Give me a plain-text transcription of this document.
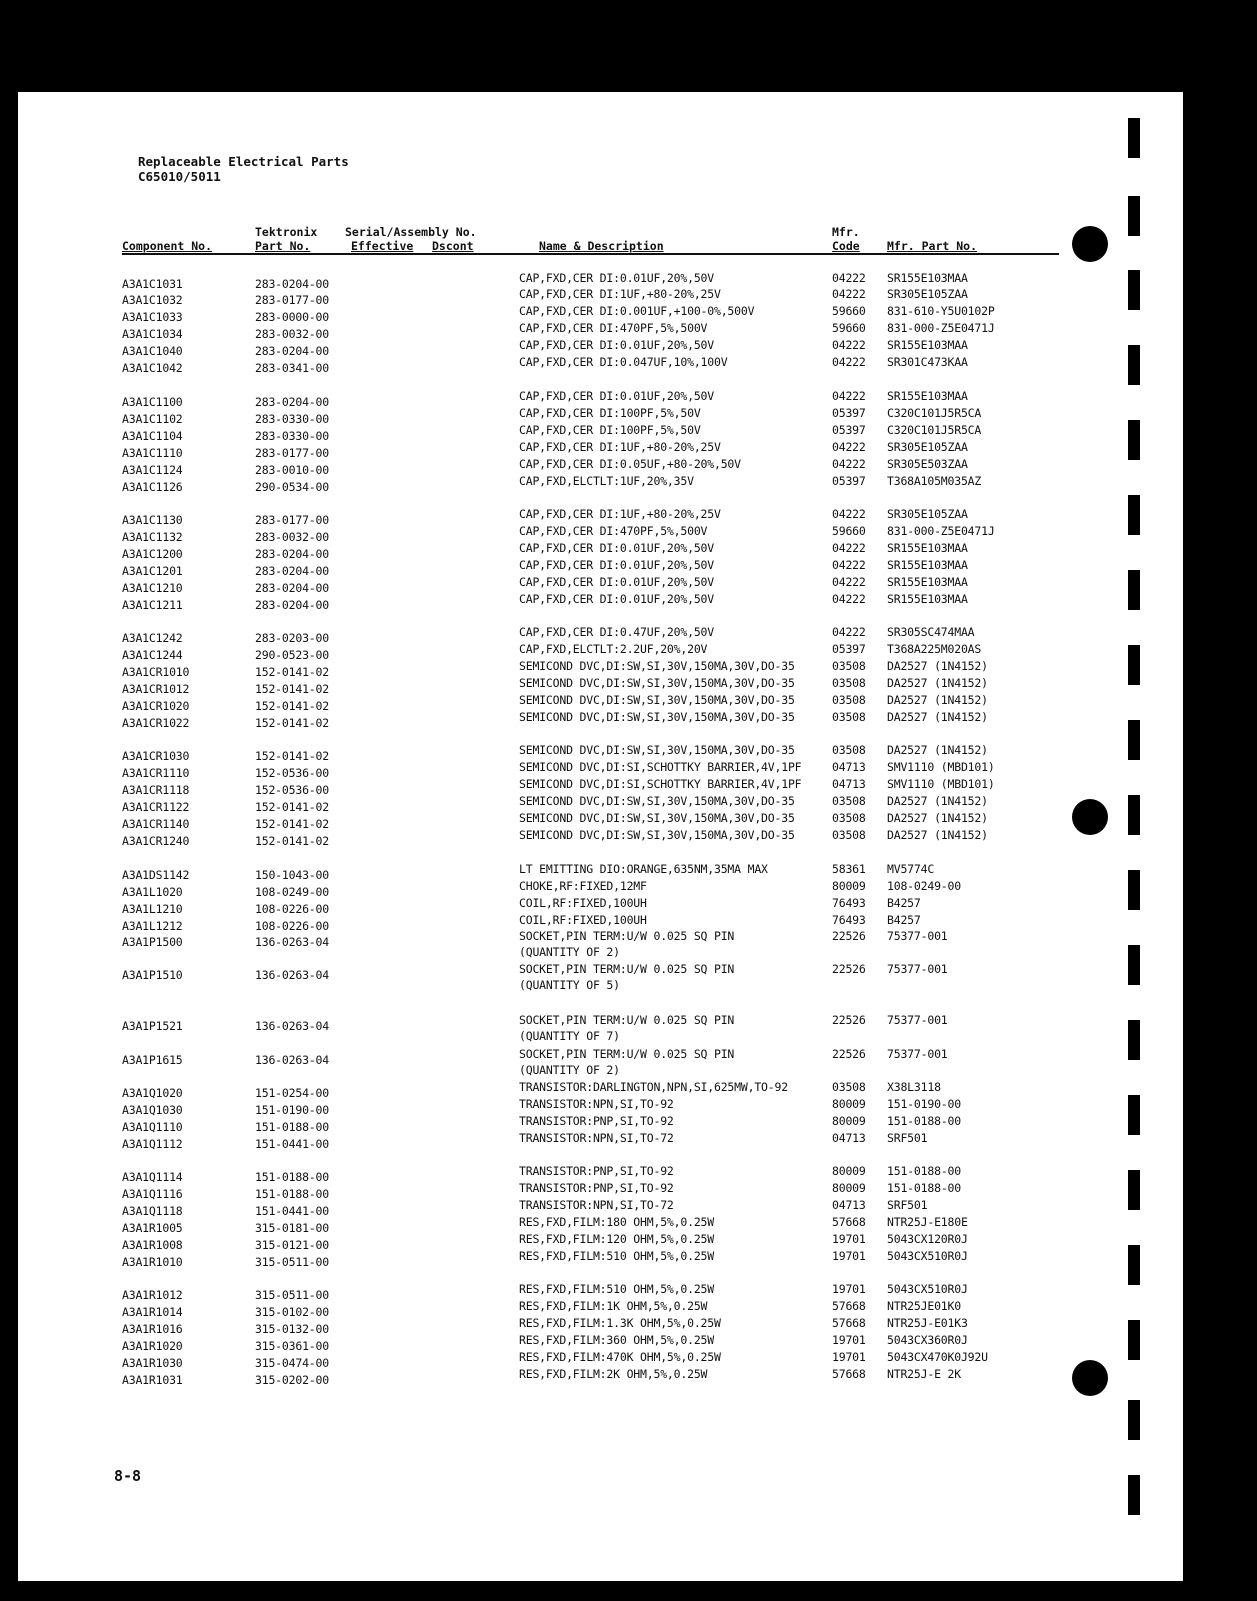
Replaceable Electrical Parts
C65010/5011
Component No.
Tektronix
Part No.
Serial/Assembly No.
Effective Dscont	Name & Description
Mfr.
Code Mfr. Part No.
A3A1C1031	283-0204-00	CAP,FXD,CER DI:0.01UF,20%,50V	04222 SR155E103MAA
A3A1C1032	283-0177-00	CAP,FXD,CER DI:1UF,+80-20%,25V	04222 SR305E105ZAA
A3A1C1033	283-0000-00	CAP,FXD,CER DI:0.001UF,+100-0%,500V	59660 831-610-Y5U0102P
A3A1C1034	283-0032-00	CAP,FXD,CER DI:470PF,5%,500V	59660 831-000-Z5E0471J
A3A1C1040	283-0204-00	CAP,FXD,CER DI:0.01UF,20%,50V	04222 SR155E103MAA
A3A1C1042	283-0341-00	CAP,FXD,CER DI:0.047UF,10%,100V	04222 SR301C473KAA
A3A1C1100	283-0204-00	CAP,FXD,CER DI:0.01UF,20%,50V	04222 SR155E103MAA
A3A1C1102	283-0330-00	CAP,FXD,CER DI:100PF,5%,50V	05397 C320C101J5R5CA
A3A1C1104	283-0330-00	CAP,FXD,CER DI:100PF,5%,50V	05397 C320C101J5R5CA
A3A1C1110	283-0177-00	CAP,FXD,CER DI:1UF,+80-20%,25V	04222 SR305E105ZAA
A3A1C1124	283-0010-00	CAP,FXD,CER DI:0.05UF,+80-20%,50V	04222 SR305E503ZAA
A3A1C1126	290-0534-00	CAP,FXD,ELCTLT:1UF,20%,35V	05397 T368A105M035AZ
A3A1C1130	283-0177-00	CAP,FXD,CER DI:1UF,+80-20%,25V	04222 SR305E105ZAA
A3A1C1132	283-0032-00	CAP,FXD,CER DI:470PF,5%,500V	59660 831-000-Z5E0471J
A3A1C1200	283-0204-00	CAP,FXD,CER DI:0.01UF,20%,50V	04222 SR155E103MAA
A3A1C1201	283-0204-00	CAP,FXD,CER DI:0.01UF,20%,50V	04222 SR155E103MAA
A3A1C1210	283-0204-00	CAP,FXD,CER DI:0.01UF,20%,50V	04222 SR155E103MAA
A3A1C1211	283-0204-00	CAP,FXD,CER DI:0.01UF,20%,50V	04222 SR155E103MAA
A3A1C1242	283-0203-00	CAP,FXD,CER DI:0.47UF,20%,50V	04222 SR305SC474MAA
A3A1C1244	290-0523-00	CAP,FXD,ELCTLT:2.2UF,20%,20V	05397 T368A225M020AS
A3A1CR1010	152-0141-02	SEMICOND DVC,DI:SW,SI,30V,150MA,30V,DO-35	03508 DA2527 (1N4152)
A3A1CR1012	152-0141-02	SEMICOND DVC,DI:SW,SI,30V,150MA,30V,DO-35	03508 DA2527 (1N4152)
A3A1CR1020	152-0141-02	SEMICOND DVC,DI:SW,SI,30V,150MA,30V,DO-35	03508 DA2527 (1N4152)
A3A1CR1022	152-0141-02	SEMICOND DVC,DI:SW,SI,30V,150MA,30V,DO-35	03508 DA2527 (1N4152)
A3A1CR1030	152-0141-02	SEMICOND DVC,DI:SW,SI,30V,150MA,30V,DO-35	03508 DA2527 (1N4152)
A3A1CR1110	152-0536-00	SEMICOND DVC,DI:SI,SCHOTTKY BARRIER,4V,1PF	04713 SMV1110 (MBD101)
A3A1CR1118	152-0536-00	SEMICOND DVC,DI:SI,SCHOTTKY BARRIER,4V,1PF	04713 SMV1110 (MBD101)
A3A1CR1122	152-0141-02	SEMICOND DVC,DI:SW,SI,30V,150MA,30V,DO-35	03508 DA2527 (1N4152)
A3A1CR1140	152-0141-02	SEMICOND DVC,DI:SW,SI,30V,150MA,30V,DO-35	03508 DA2527 (1N4152)
A3A1CR1240	152-0141-02	SEMICOND DVC,DI:SW,SI,30V,150MA,30V,DO-35	03508 DA2527 (1N4152)
A3A1DS1142	150-1043-00	LT EMITTING DIO:ORANGE,635NM,35MA MAX	58361 MV5774C
A3A1L1020	108-0249-00	CHOKE,RF:FIXED,12MF	80009 108-0249-00
A3A1L1210	108-0226-00	COIL,RF:FIXED,100UH	76493 B4257
A3A1L1212	108-0226-00	COIL,RF:FIXED,100UH	76493 B4257
A3A1P1500	136-0263-04	SOCKET,PIN TERM:U/W 0.025 SQ PIN	22526 75377-001
(QUANTITY OF 2)
A3A1P1510	136-0263-04	SOCKET,PIN TERM:U/W 0.025 SQ PIN	22526 75377-001
(QUANTITY OF 5)
A3A1P1521	136-0263-04	SOCKET,PIN TERM:U/W 0.025 SQ PIN	22526 75377-001
(QUANTITY OF 7)
A3A1P1615	136-0263-04	SOCKET,PIN TERM:U/W 0.025 SQ PIN	22526 75377-001
(QUANTITY OF 2)
A3A1Q1020	151-0254-00	TRANSISTOR:DARLINGTON,NPN,SI,625MW,TO-92	03508 X38L3118
A3A1Q1030	151-0190-00	TRANSISTOR:NPN,SI,TO-92	80009 151-0190-00
A3A1Q1110	151-0188-00	TRANSISTOR:PNP,SI,TO-92	80009 151-0188-00
A3A1Q1112	151-0441-00	TRANSISTOR:NPN,SI,TO-72	04713 SRF501
A3A1Q1114	151-0188-00	TRANSISTOR:PNP,SI,TO-92	80009 151-0188-00
A3A1Q1116	151-0188-00	TRANSISTOR:PNP,SI,TO-92	80009 151-0188-00
A3A1Q1118	151-0441-00	TRANSISTOR:NPN,SI,TO-72	04713 SRF501
A3A1R1005	315-0181-00	RES,FXD,FILM:180 OHM,5%,0.25W	57668 NTR25J-E180E
A3A1R1008	315-0121-00	RES,FXD,FILM:120 OHM,5%,0.25W	19701 5043CX120R0J
A3A1R1010	315-0511-00	RES,FXD,FILM:510 OHM,5%,0.25W	19701 5043CX510R0J
A3A1R1012	315-0511-00	RES,FXD,FILM:510 OHM,5%,0.25W	19701 5043CX510R0J
A3A1R1014	315-0102-00	RES,FXD,FILM:1K OHM,5%,0.25W	57668 NTR25JE01K0
A3A1R1016	315-0132-00	RES,FXD,FILM:1.3K OHM,5%,0.25W	57668 NTR25J-E01K3
A3A1R1020	315-0361-00	RES,FXD,FILM:360 OHM,5%,0.25W	19701 5043CX360R0J
A3A1R1030	315-0474-00	RES,FXD,FILM:470K OHM,5%,0.25W	19701 5043CX470K0J92U
A3A1R1031	315-0202-00	RES,FXD,FILM:2K OHM,5%,0.25W	57668 NTR25J-E 2K
8-8
